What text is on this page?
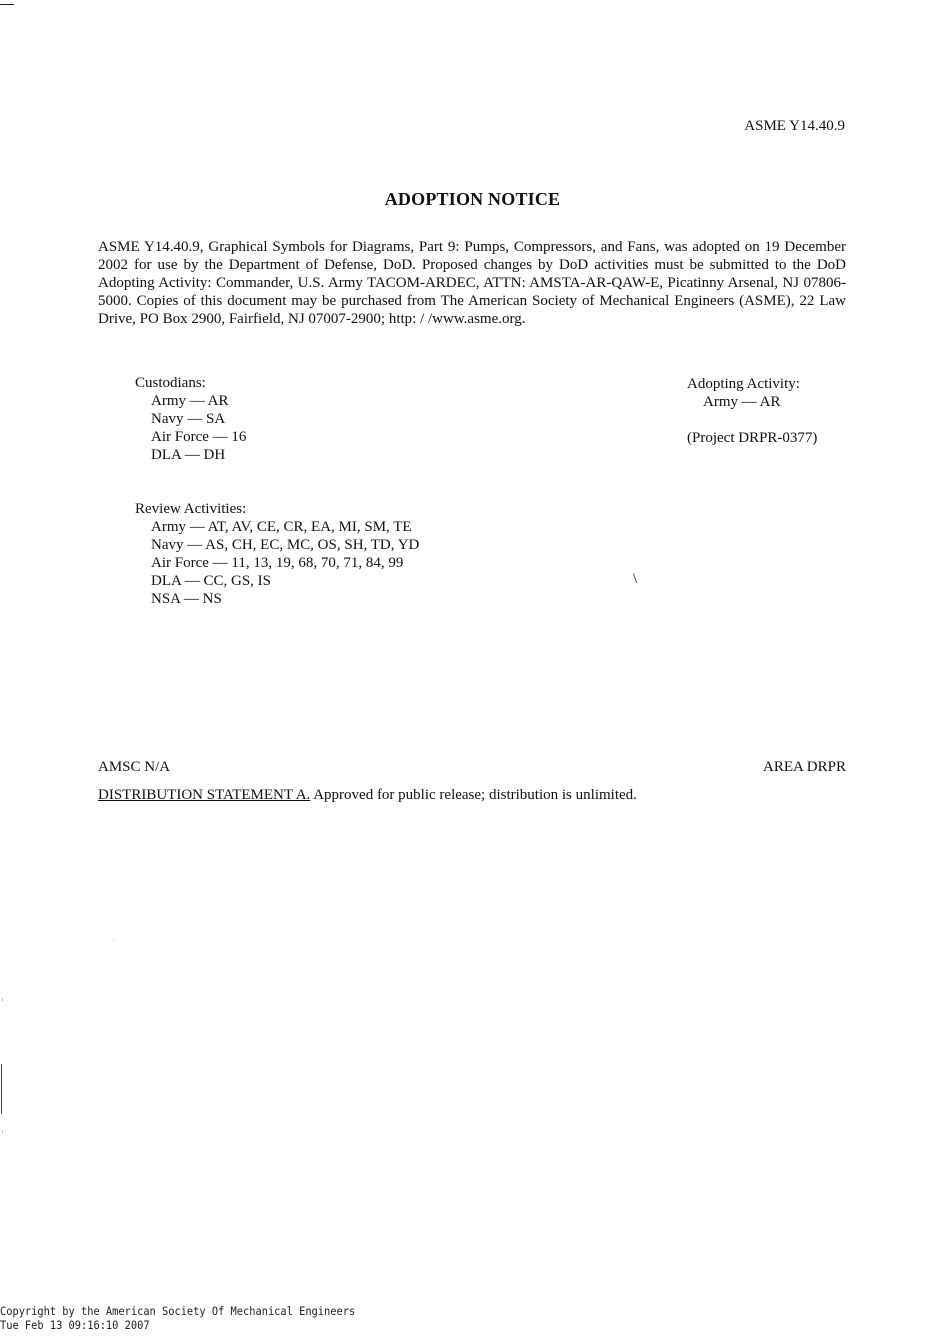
ASME Y14.40.9
ADOPTION NOTICE
ASME Y14.40.9, Graphical Symbols for Diagrams, Part 9: Pumps, Compressors, and Fans, was adopted on 19 December 2002 for use by the Department of Defense, DoD. Proposed changes by DoD activities must be submitted to the DoD Adopting Activity: Commander, U.S. Army TACOM-ARDEC, ATTN: AMSTA-AR-QAW-E, Picatinny Arsenal, NJ 07806-5000. Copies of this document may be purchased from The American Society of Mechanical Engineers (ASME), 22 Law Drive, PO Box 2900, Fairfield, NJ 07007-2900; http: / /www.asme.org.
Custodians:
Army — AR
Navy — SA
Air Force — 16
DLA — DH
Adopting Activity:
Army — AR
(Project DRPR-0377)
Review Activities:
Army — AT, AV, CE, CR, EA, MI, SM, TE
Navy — AS, CH, EC, MC, OS, SH, TD, YD
Air Force — 11, 13, 19, 68, 70, 71, 84, 99
DLA — CC, GS, IS
NSA — NS
\
AMSC N/A	AREA DRPR
DISTRIBUTION STATEMENT A. Approved for public release; distribution is unlimited.
Copyright by the American Society Of Mechanical Engineers
Tue Feb 13 09:16:10 2007
